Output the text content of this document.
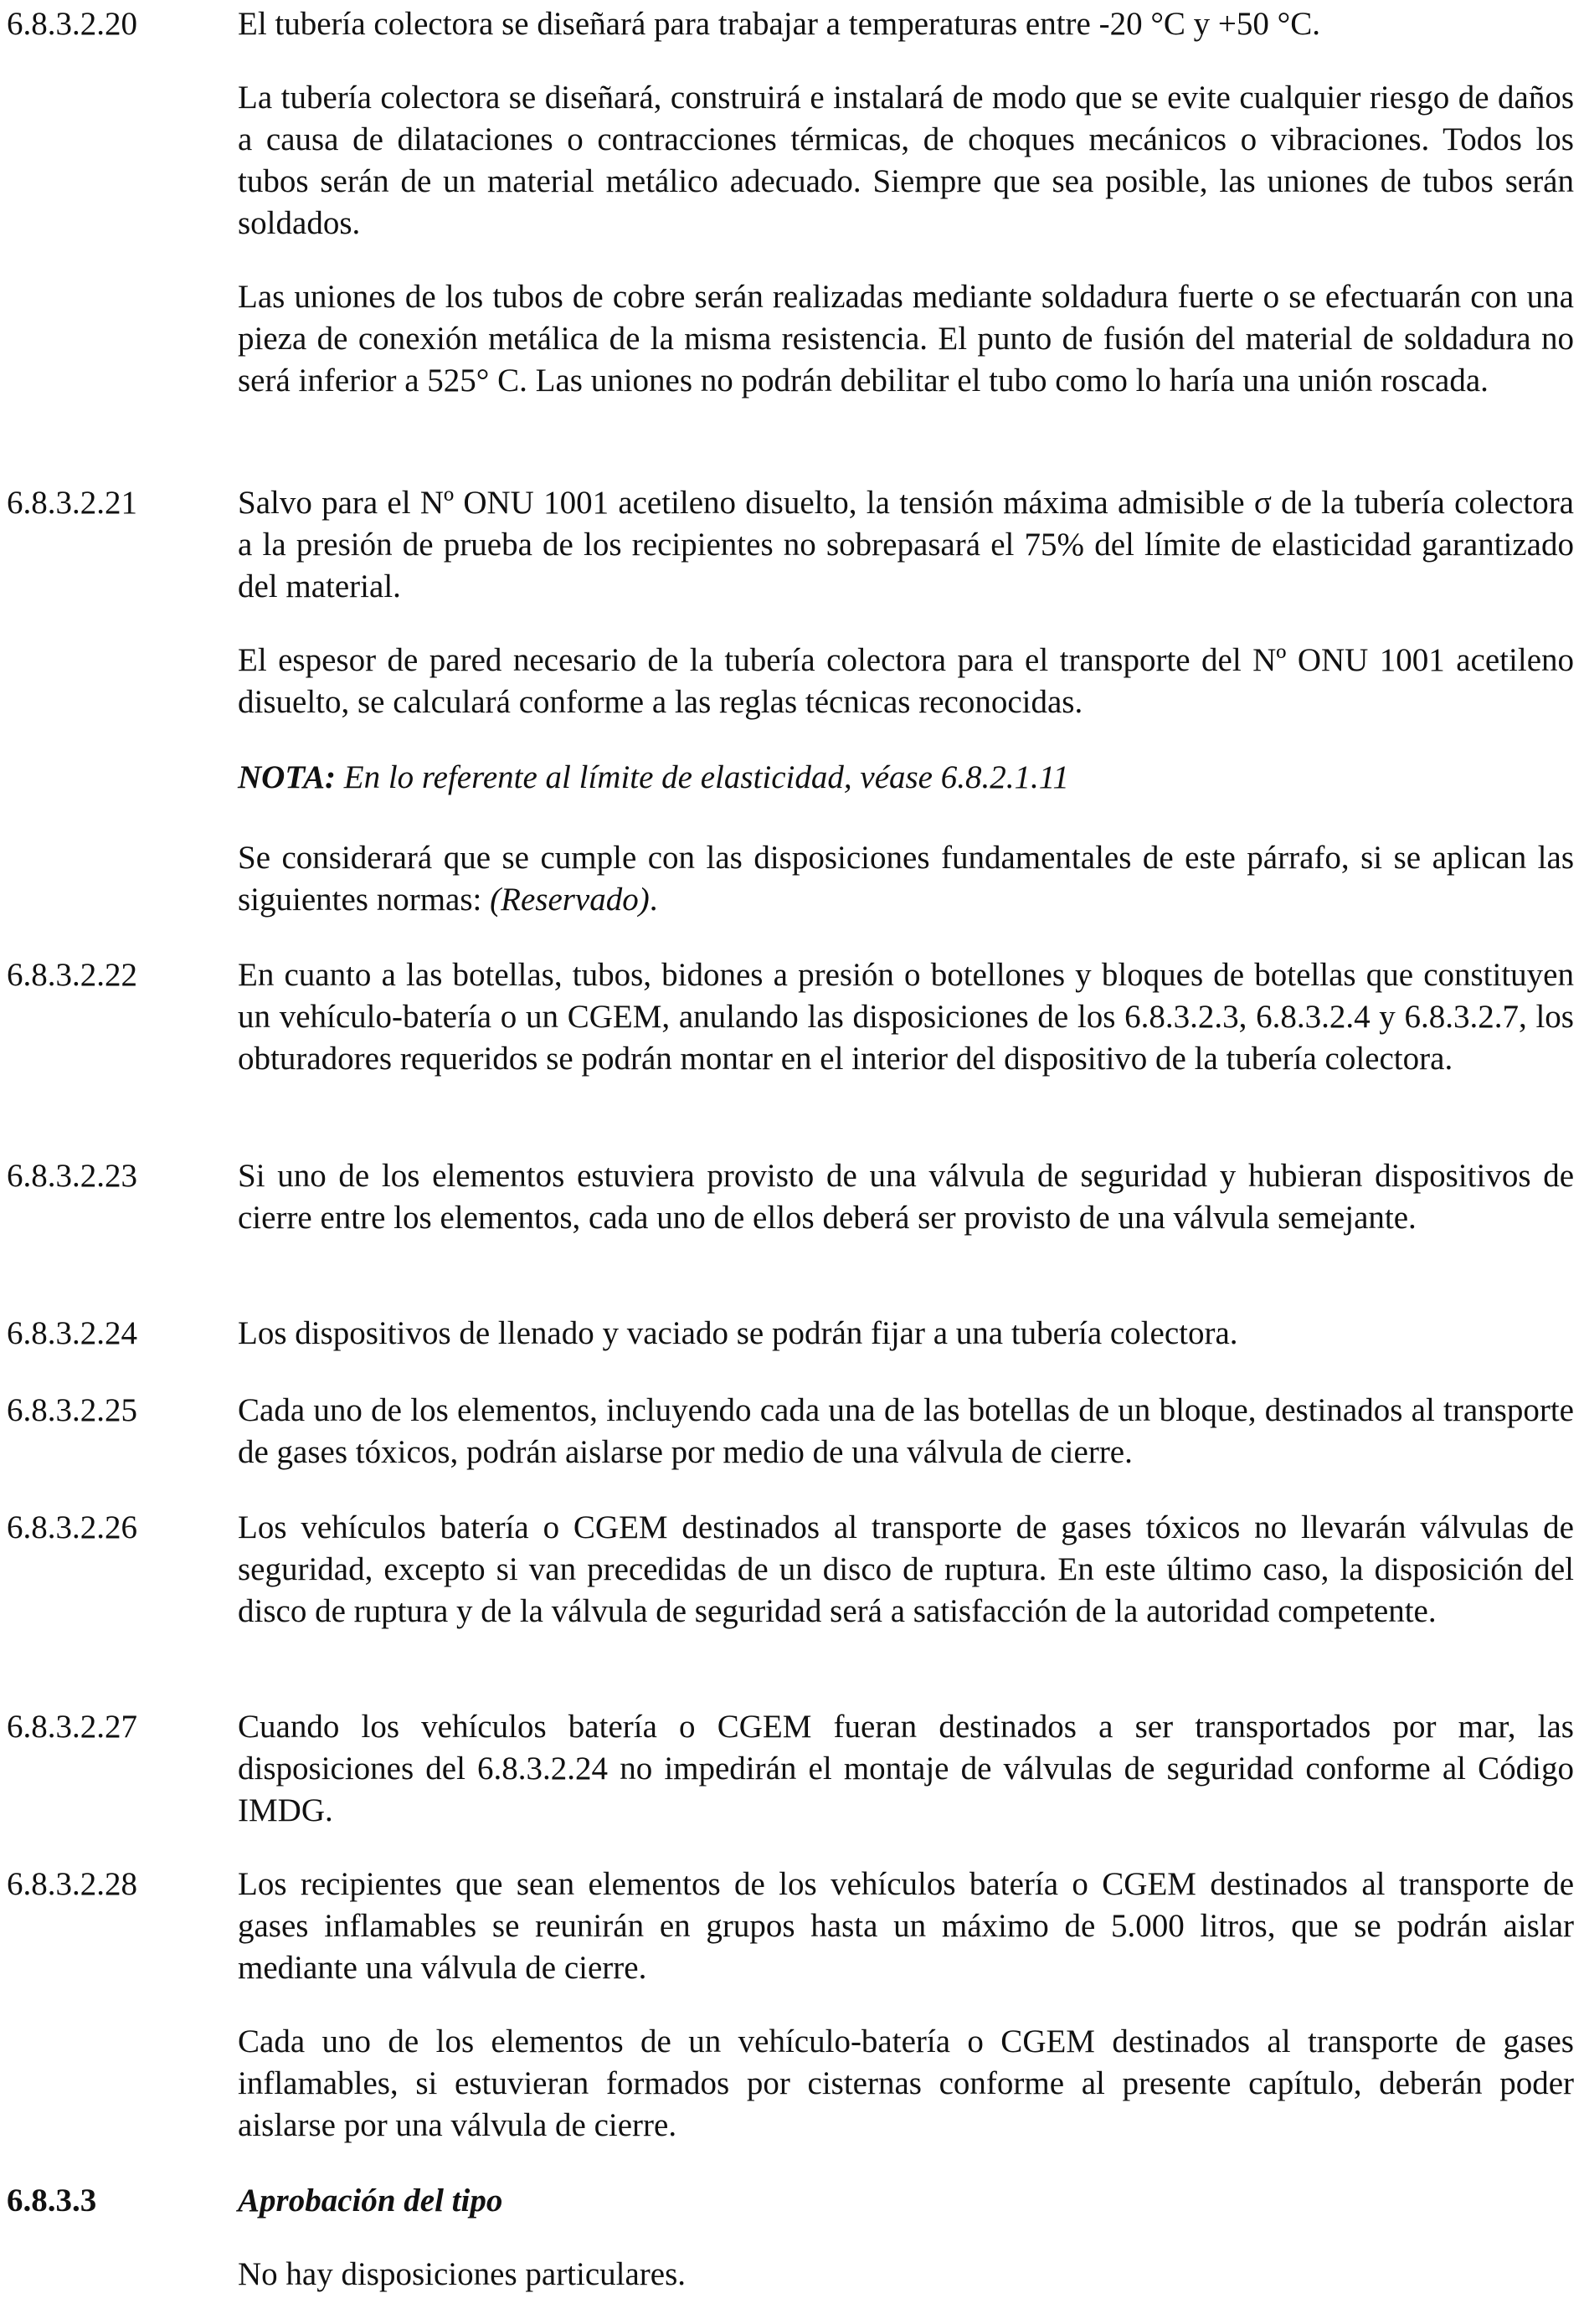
6.8.3.2.20	El tubería colectora se diseñará para trabajar a temperaturas entre -20 °C y +50 °C.

La tubería colectora se diseñará, construirá e instalará de modo que se evite cualquier riesgo de daños a causa de dilataciones o contracciones térmicas, de choques mecánicos o vibraciones. Todos los tubos serán de un material metálico adecuado. Siempre que sea posible, las uniones de tubos serán soldados.

Las uniones de los tubos de cobre serán realizadas mediante soldadura fuerte o se efectuarán con una pieza de conexión metálica de la misma resistencia. El punto de fusión del material de soldadura no será inferior a 525° C. Las uniones no podrán debilitar el tubo como lo haría una unión roscada.

6.8.3.2.21	Salvo para el Nº ONU 1001 acetileno disuelto, la tensión máxima admisible σ de la tubería colectora a la presión de prueba de los recipientes no sobrepasará el 75% del límite de elasticidad garantizado del material.

El espesor de pared necesario de la tubería colectora para el transporte del Nº ONU 1001 acetileno disuelto, se calculará conforme a las reglas técnicas reconocidas.

NOTA: En lo referente al límite de elasticidad, véase 6.8.2.1.11

Se considerará que se cumple con las disposiciones fundamentales de este párrafo, si se aplican las siguientes normas: (Reservado).

6.8.3.2.22	En cuanto a las botellas, tubos, bidones a presión o botellones y bloques de botellas que constituyen un vehículo-batería o un CGEM, anulando las disposiciones de los 6.8.3.2.3, 6.8.3.2.4 y 6.8.3.2.7, los obturadores requeridos se podrán montar en el interior del dispositivo de la tubería colectora.

6.8.3.2.23	Si uno de los elementos estuviera provisto de una válvula de seguridad y hubieran dispositivos de cierre entre los elementos, cada uno de ellos deberá ser provisto de una válvula semejante.

6.8.3.2.24	Los dispositivos de llenado y vaciado se podrán fijar a una tubería colectora.

6.8.3.2.25	Cada uno de los elementos, incluyendo cada una de las botellas de un bloque, destinados al transporte de gases tóxicos, podrán aislarse por medio de una válvula de cierre.

6.8.3.2.26	Los vehículos batería o CGEM destinados al transporte de gases tóxicos no llevarán válvulas de seguridad, excepto si van precedidas de un disco de ruptura. En este último caso, la disposición del disco de ruptura y de la válvula de seguridad será a satisfacción de la autoridad competente.

6.8.3.2.27	Cuando los vehículos batería o CGEM fueran destinados a ser transportados por mar, las disposiciones del 6.8.3.2.24 no impedirán el montaje de válvulas de seguridad conforme al Código IMDG.

6.8.3.2.28	Los recipientes que sean elementos de los vehículos batería o CGEM destinados al transporte de gases inflamables se reunirán en grupos hasta un máximo de 5.000 litros, que se podrán aislar mediante una válvula de cierre.

Cada uno de los elementos de un vehículo-batería o CGEM destinados al transporte de gases inflamables, si estuvieran formados por cisternas conforme al presente capítulo, deberán poder aislarse por una válvula de cierre.

6.8.3.3	Aprobación del tipo

No hay disposiciones particulares.
